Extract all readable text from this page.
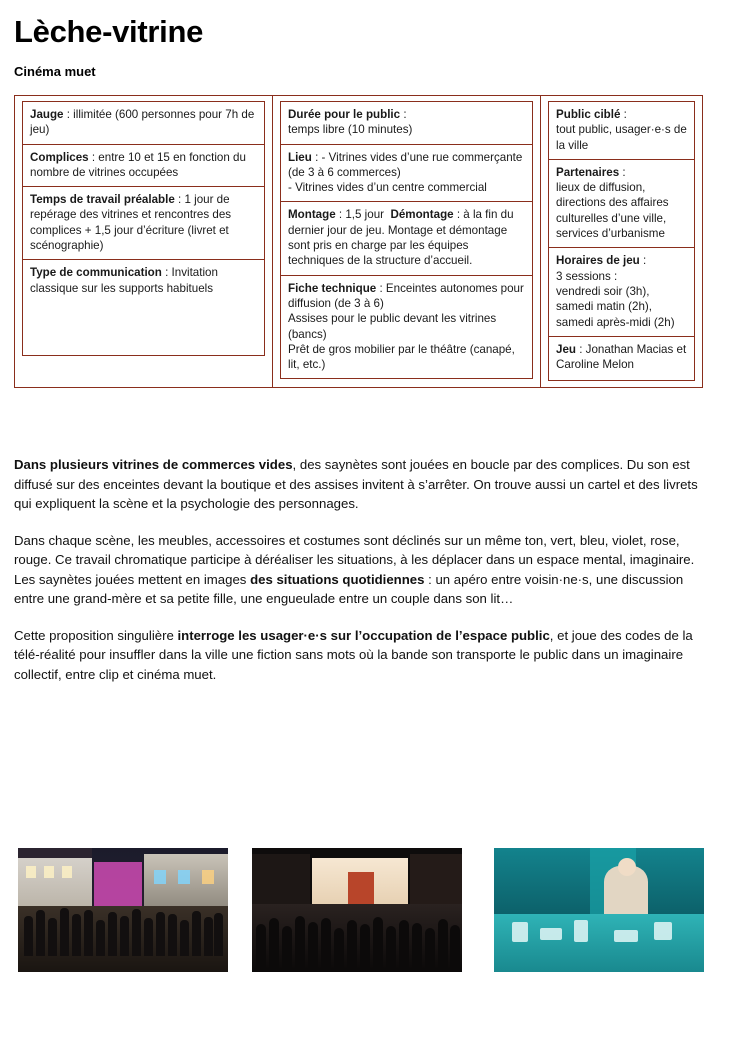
Lèche-vitrine
Cinéma muet
Jauge : illimitée (600 personnes pour 7h de jeu)
Complices : entre 10 et 15 en fonction du nombre de vitrines occupées
Temps de travail préalable : 1 jour de repérage des vitrines et rencontres des complices + 1,5 jour d’écriture (livret et scénographie)
Type de communication : Invitation classique sur les supports habituels

Durée pour le public :
temps libre (10 minutes)
Lieu : - Vitrines vides d’une rue commerçante (de 3 à 6 commerces)
- Vitrines vides d’un centre commercial
Montage : 1,5 jour Démontage : à la fin du dernier jour de jeu. Montage et démontage sont pris en charge par les équipes techniques de la structure d’accueil.
Fiche technique : Enceintes autonomes pour diffusion (de 3 à 6)
Assises pour le public devant les vitrines (bancs)
Prêt de gros mobilier par le théâtre (canapé, lit, etc.)

Public ciblé :
tout public, usager·e·s de la ville
Partenaires :
lieux de diffusion, directions des affaires culturelles d’une ville, services d’urbanisme
Horaires de jeu :
3 sessions :
vendredi soir (3h),
samedi matin (2h),
samedi après-midi (2h)
Jeu : Jonathan Macias et Caroline Melon

Dans plusieurs vitrines de commerces vides, des saynètes sont jouées en boucle par des complices. Du son est diffusé sur des enceintes devant la boutique et des assises invitent à s’arrêter. On trouve aussi un cartel et des livrets qui expliquent la scène et la psychologie des personnages.

Dans chaque scène, les meubles, accessoires et costumes sont déclinés sur un même ton, vert, bleu, violet, rose, rouge. Ce travail chromatique participe à déréaliser les situations, à les déplacer dans un espace mental, imaginaire. Les saynètes jouées mettent en images des situations quotidiennes : un apéro entre voisin·ne·s, une discussion entre une grand-mère et sa petite fille, une engueulade entre un couple dans son lit…

Cette proposition singulière interroge les usager·e·s sur l’occupation de l’espace public, et joue des codes de la télé-réalité pour insuffler dans la ville une fiction sans mots où la bande son transporte le public dans un imaginaire collectif, entre clip et cinéma muet.
